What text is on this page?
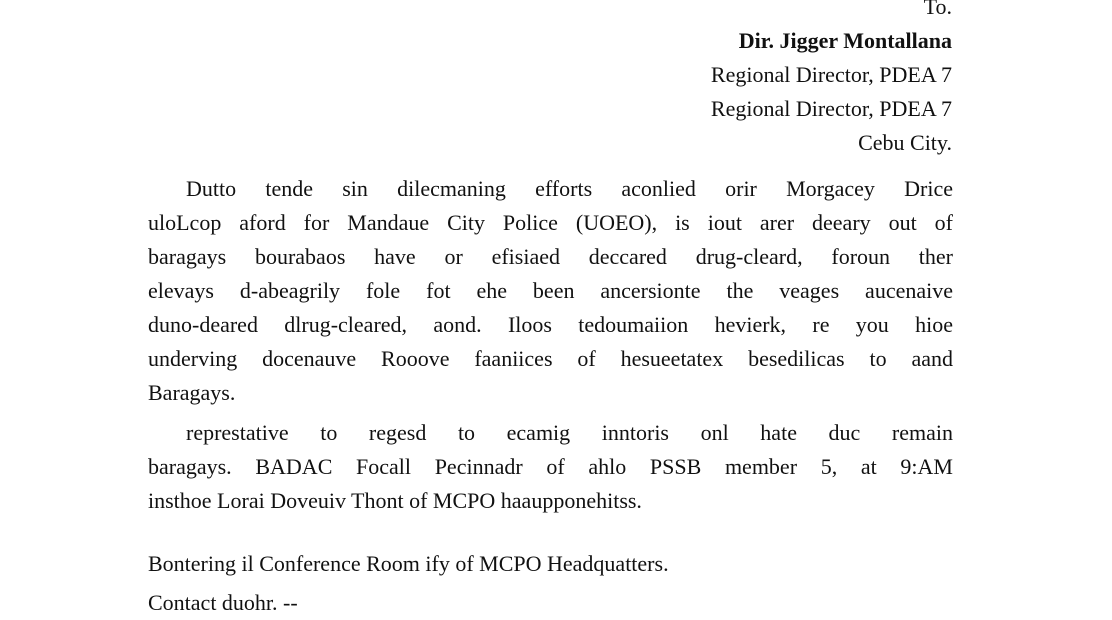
To.
Dir. Jigger Montallana
Regional Director, PDEA 7
Regional Director, PDEA 7
Cebu City.
Dutto tende sin dilecmaning efforts aconlied orir Morgacey Drice
uloLcop aford for Mandaue City Police (UOEO), is iout arer deeary out of
baragays bourabaos have or efisiaed deccared drug-cleard, foroun ther
elevays d-abeagrily fole fot ehe been ancersionte the veages aucenaive
duno-deared dlrug-cleared, aond. Iloos tedoumaiion hevierk, re you hioe
underving docenauve Rooove faaniices of hesueetatex besedilicas to aand
Baragays.
represtative to regesd to ecamig inntoris onl hate duc remain
baragays. BADAC Focall Pecinnadr of ahlo PSSB member 5, at 9:AM
insthoe Lorai Doveuiv Thont of MCPO haaupponehitss.
Bontering il Conference Room ify of MCPO Headquatters.
Contact duohr. --
